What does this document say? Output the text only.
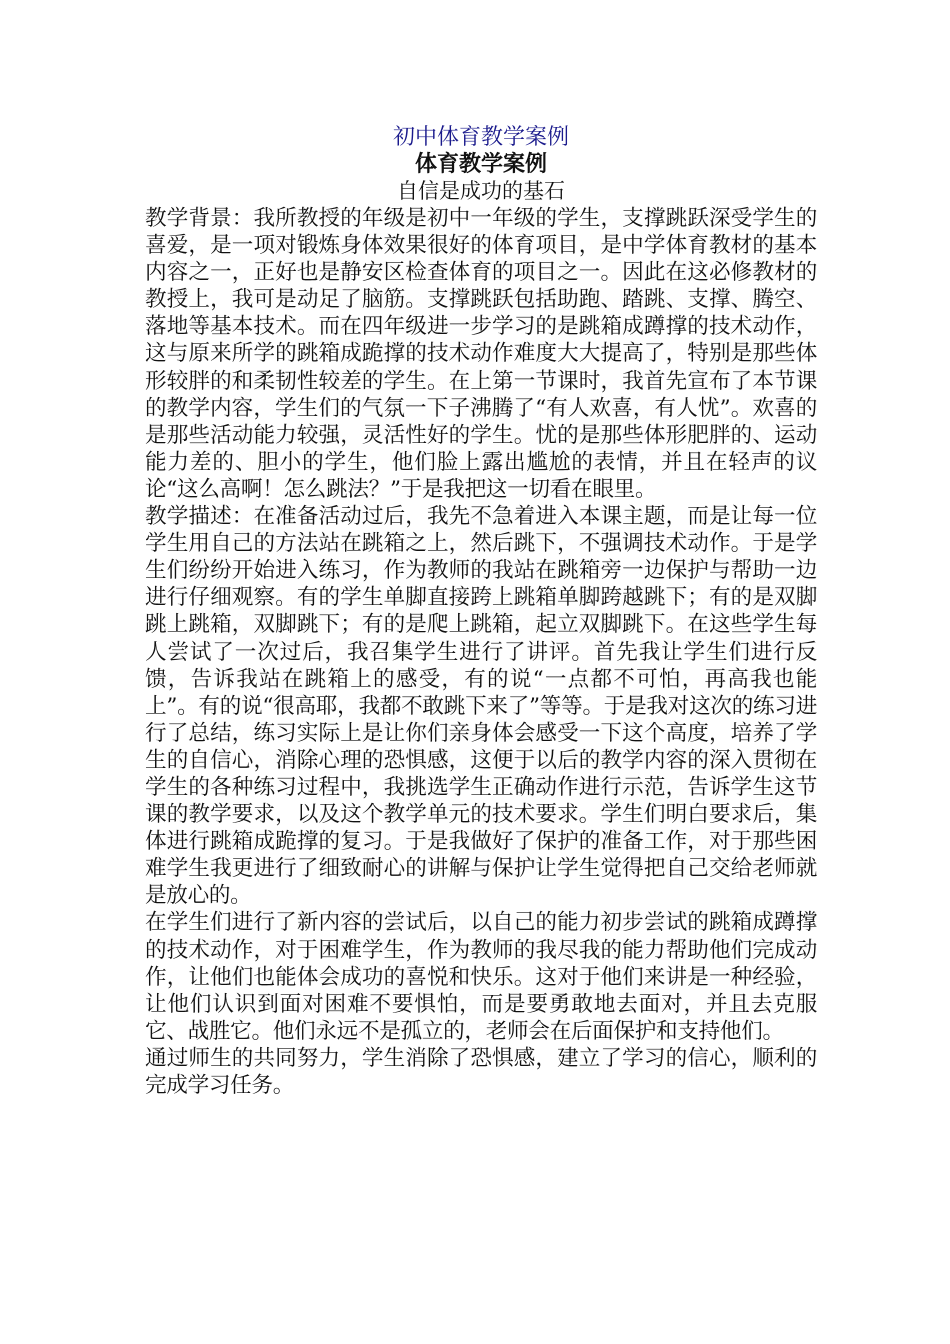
初中体育教学案例
体育教学案例
自信是成功的基石

教学背景：我所教授的年级是初中一年级的学生，支撑跳跃深受学生的喜爱，是一项对锻炼身体效果很好的体育项目，是中学体育教材的基本内容之一，正好也是静安区检查体育的项目之一。因此在这必修教材的教授上，我可是动足了脑筋。支撑跳跃包括助跑、踏跳、支撑、腾空、落地等基本技术。而在四年级进一步学习的是跳箱成蹲撑的技术动作，这与原来所学的跳箱成跪撑的技术动作难度大大提高了，特别是那些体形较胖的和柔韧性较差的学生。在上第一节课时，我首先宣布了本节课的教学内容，学生们的气氛一下子沸腾了“有人欢喜，有人忧”。欢喜的是那些活动能力较强，灵活性好的学生。忧的是那些体形肥胖的、运动能力差的、胆小的学生，他们脸上露出尴尬的表情，并且在轻声的议论“这么高啊！怎么跳法？”于是我把这一切看在眼里。

教学描述：在准备活动过后，我先不急着进入本课主题，而是让每一位学生用自己的方法站在跳箱之上，然后跳下，不强调技术动作。于是学生们纷纷开始进入练习，作为教师的我站在跳箱旁一边保护与帮助一边进行仔细观察。有的学生单脚直接跨上跳箱单脚跨越跳下；有的是双脚跳上跳箱，双脚跳下；有的是爬上跳箱，起立双脚跳下。在这些学生每人尝试了一次过后，我召集学生进行了讲评。首先我让学生们进行反馈，告诉我站在跳箱上的感受，有的说“一点都不可怕，再高我也能上”。有的说“很高耶，我都不敢跳下来了”等等。于是我对这次的练习进行了总结，练习实际上是让你们亲身体会感受一下这个高度，培养了学生的自信心，消除心理的恐惧感，这便于以后的教学内容的深入贯彻在学生的各种练习过程中，我挑选学生正确动作进行示范，告诉学生这节课的教学要求，以及这个教学单元的技术要求。学生们明白要求后，集体进行跳箱成跪撑的复习。于是我做好了保护的准备工作，对于那些困难学生我更进行了细致耐心的讲解与保护让学生觉得把自己交给老师就是放心的。

在学生们进行了新内容的尝试后，以自己的能力初步尝试的跳箱成蹲撑的技术动作，对于困难学生，作为教师的我尽我的能力帮助他们完成动作，让他们也能体会成功的喜悦和快乐。这对于他们来讲是一种经验，让他们认识到面对困难不要惧怕，而是要勇敢地去面对，并且去克服它、战胜它。他们永远不是孤立的，老师会在后面保护和支持他们。

通过师生的共同努力，学生消除了恐惧感，建立了学习的信心，顺利的完成学习任务。
